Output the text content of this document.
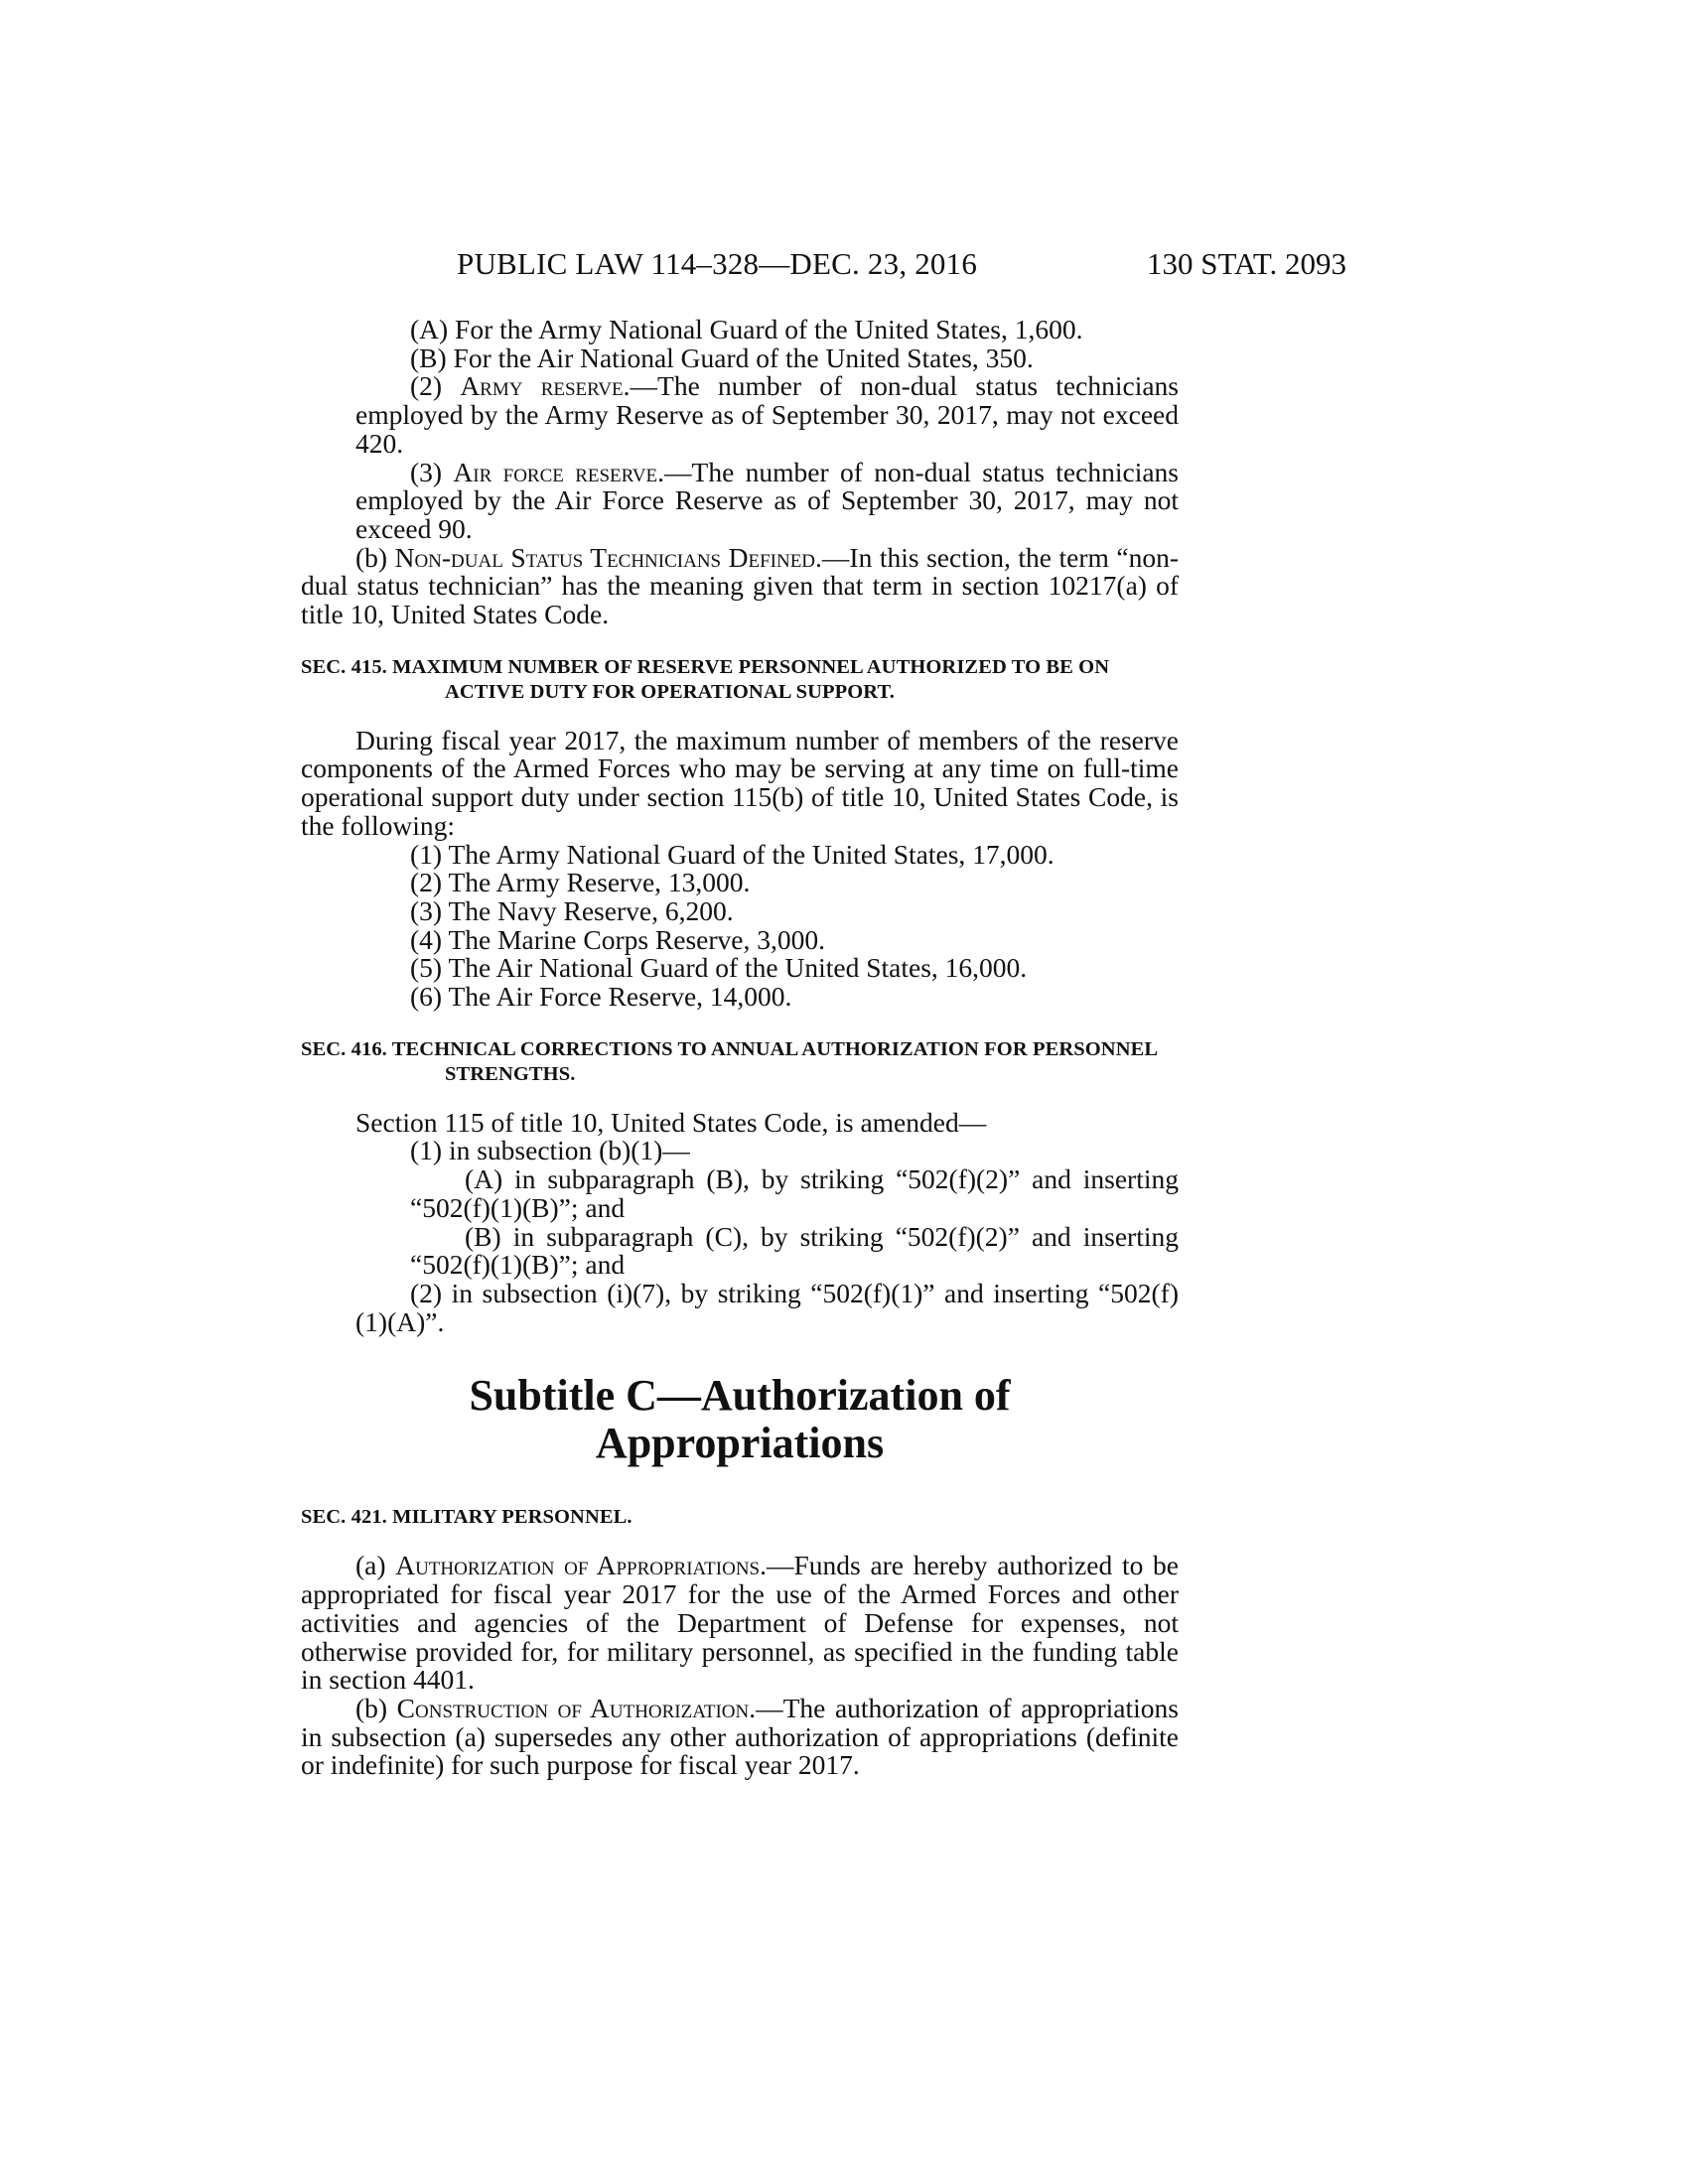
PUBLIC LAW 114–328—DEC. 23, 2016	130 STAT. 2093

(A) For the Army National Guard of the United States, 1,600.

(B) For the Air National Guard of the United States, 350.

(2) Army reserve.—The number of non-dual status technicians employed by the Army Reserve as of September 30, 2017, may not exceed 420.

(3) Air force reserve.—The number of non-dual status technicians employed by the Air Force Reserve as of September 30, 2017, may not exceed 90.

(b) Non-dual Status Technicians Defined.—In this section, the term “non-dual status technician” has the meaning given that term in section 10217(a) of title 10, United States Code.

SEC. 415. MAXIMUM NUMBER OF RESERVE PERSONNEL AUTHORIZED TO BE ON ACTIVE DUTY FOR OPERATIONAL SUPPORT.

During fiscal year 2017, the maximum number of members of the reserve components of the Armed Forces who may be serving at any time on full-time operational support duty under section 115(b) of title 10, United States Code, is the following:

(1) The Army National Guard of the United States, 17,000.

(2) The Army Reserve, 13,000.

(3) The Navy Reserve, 6,200.

(4) The Marine Corps Reserve, 3,000.

(5) The Air National Guard of the United States, 16,000.

(6) The Air Force Reserve, 14,000.

SEC. 416. TECHNICAL CORRECTIONS TO ANNUAL AUTHORIZATION FOR PERSONNEL STRENGTHS.

Section 115 of title 10, United States Code, is amended—

(1) in subsection (b)(1)—

(A) in subparagraph (B), by striking “502(f)(2)” and inserting “502(f)(1)(B)”; and

(B) in subparagraph (C), by striking “502(f)(2)” and inserting “502(f)(1)(B)”; and

(2) in subsection (i)(7), by striking “502(f)(1)” and inserting “502(f)(1)(A)”.

Subtitle C—Authorization of
Appropriations

SEC. 421. MILITARY PERSONNEL.

(a) Authorization of Appropriations.—Funds are hereby authorized to be appropriated for fiscal year 2017 for the use of the Armed Forces and other activities and agencies of the Department of Defense for expenses, not otherwise provided for, for military personnel, as specified in the funding table in section 4401.

(b) Construction of Authorization.—The authorization of appropriations in subsection (a) supersedes any other authorization of appropriations (definite or indefinite) for such purpose for fiscal year 2017.
